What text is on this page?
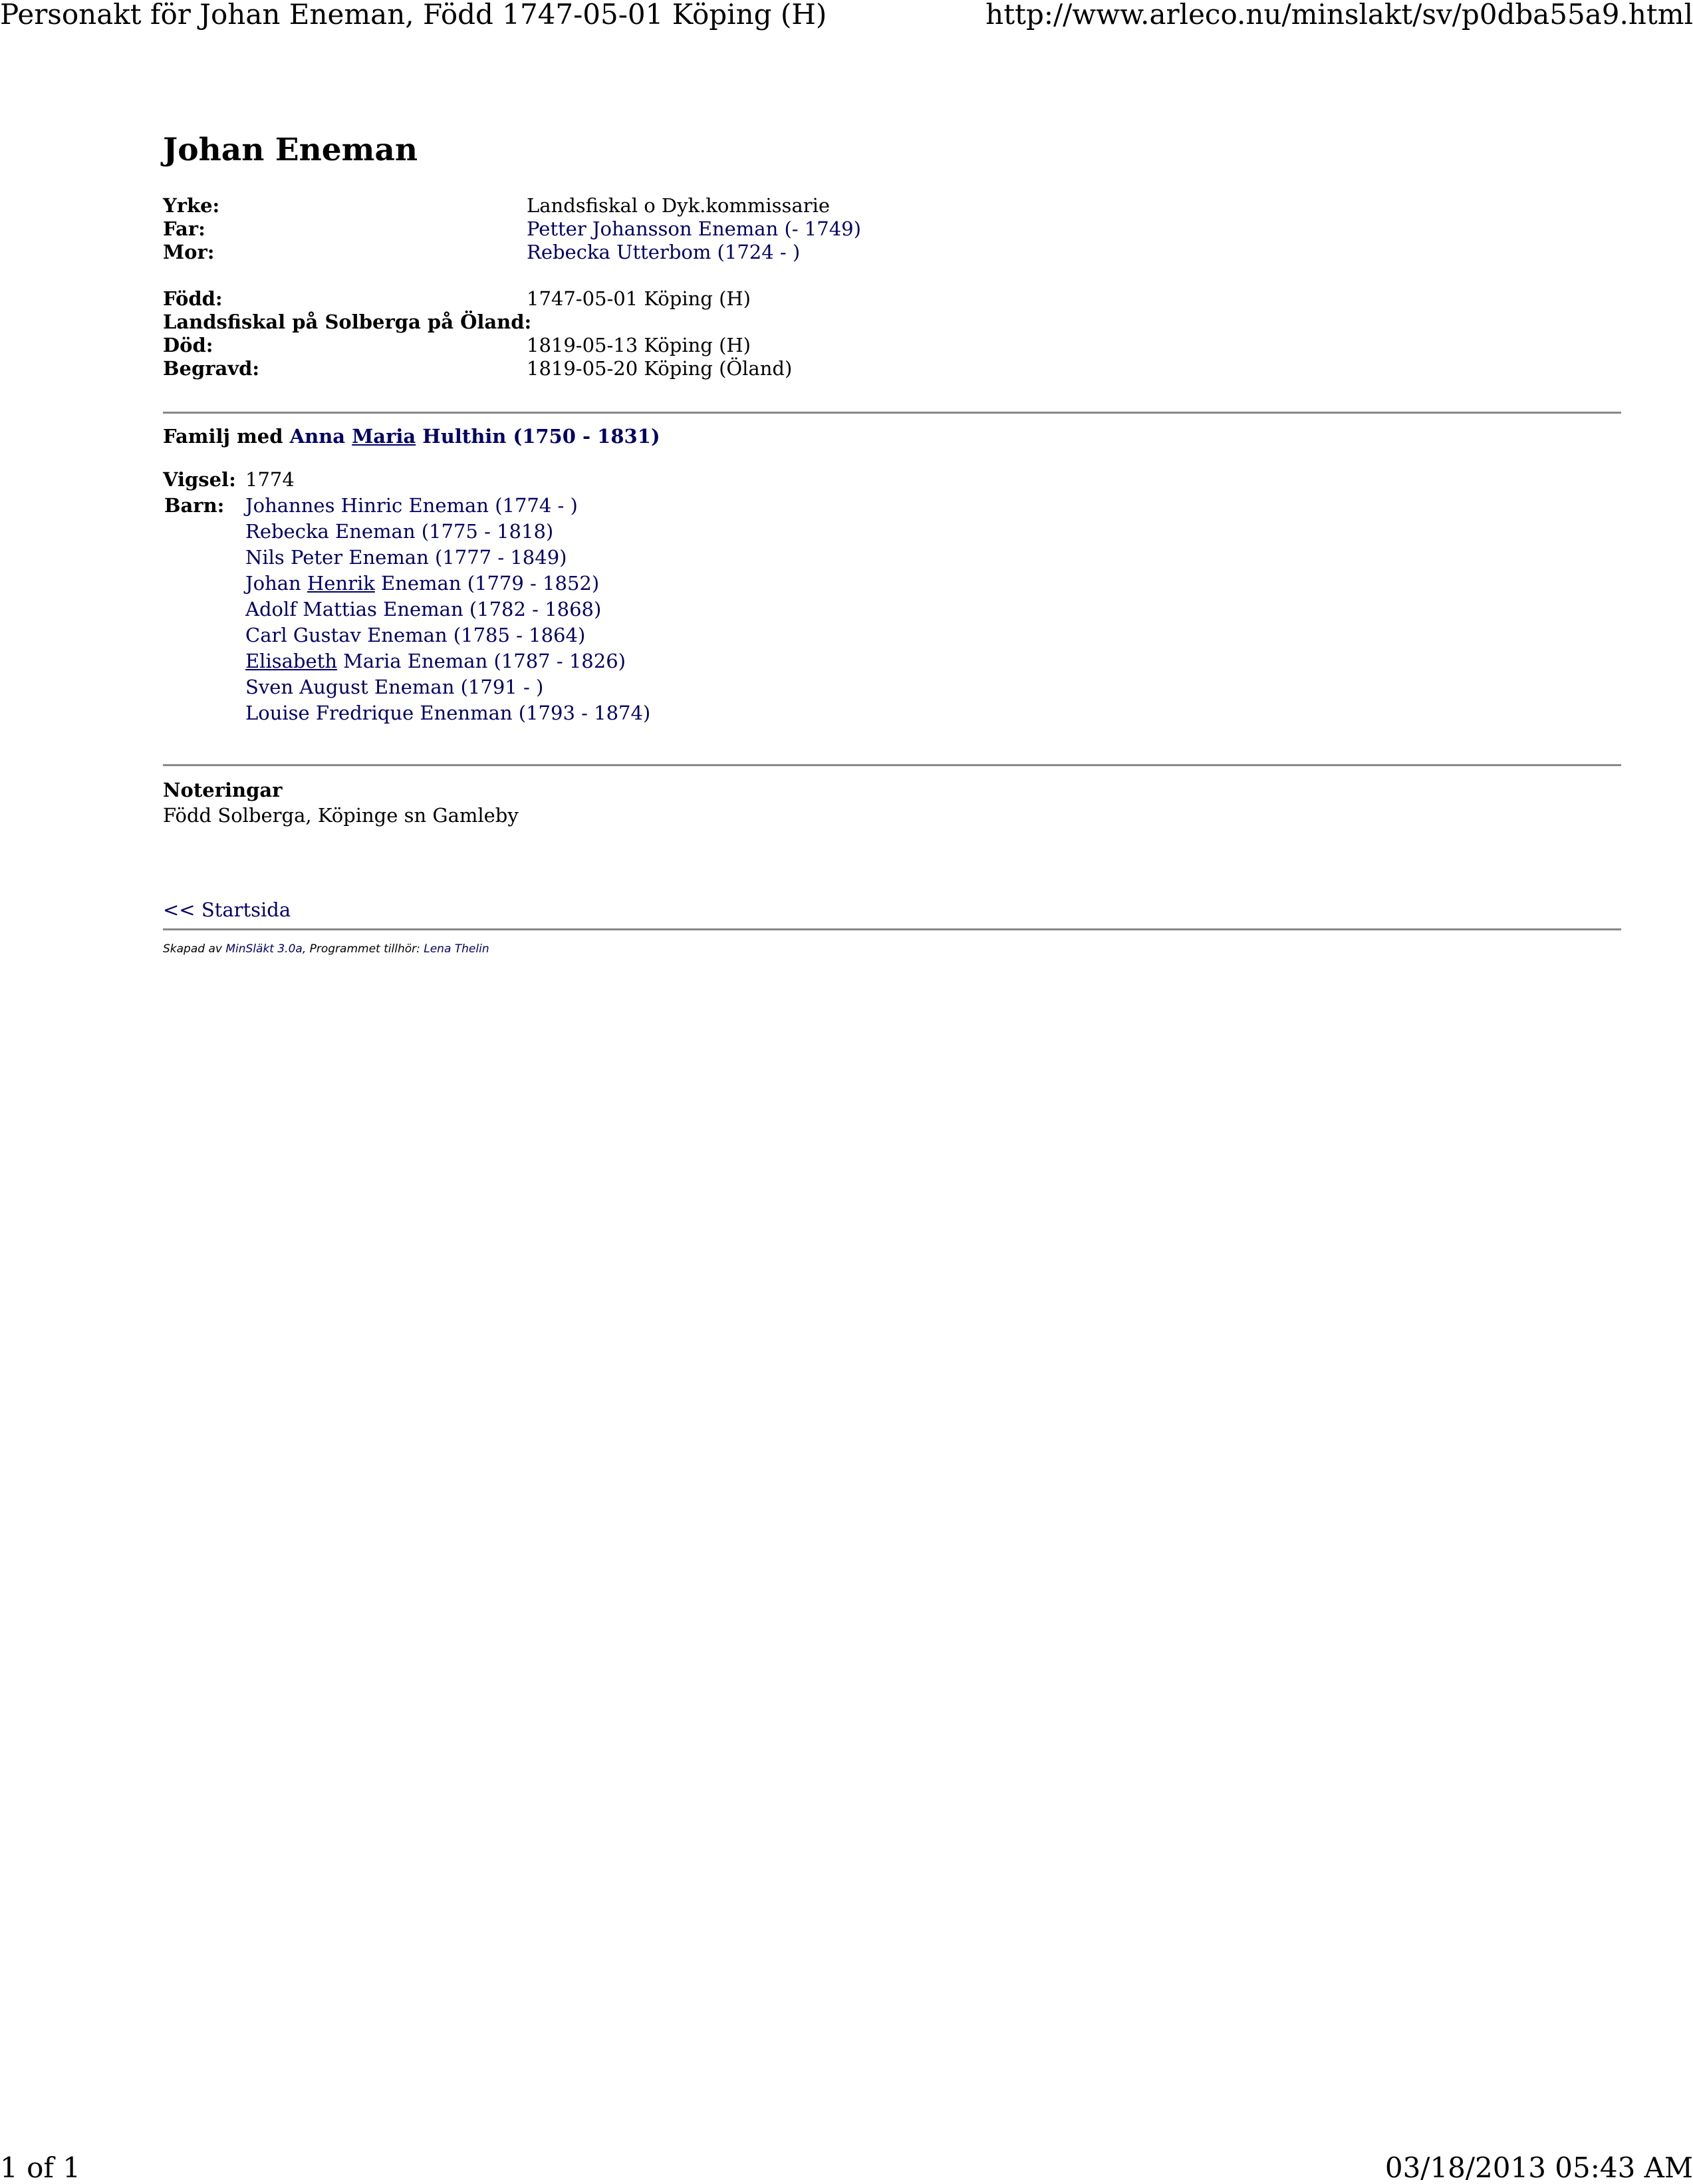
Personakt för Johan Eneman, Född 1747-05-01 Köping (H)	http://www.arleco.nu/minslakt/sv/p0dba55a9.html
Johan Eneman
Yrke:	Landsfiskal o Dyk.kommissarie
Far:	Petter Johansson Eneman (- 1749)
Mor:	Rebecka Utterbom (1724 - )
Född:	1747-05-01 Köping (H)
Landsfiskal på Solberga på Öland:
Död:	1819-05-13 Köping (H)
Begravd:	1819-05-20 Köping (Öland)
Familj med Anna Maria Hulthin (1750 - 1831)
Vigsel: 1774
Barn: Johannes Hinric Eneman (1774 - )
Rebecka Eneman (1775 - 1818)
Nils Peter Eneman (1777 - 1849)
Johan Henrik Eneman (1779 - 1852)
Adolf Mattias Eneman (1782 - 1868)
Carl Gustav Eneman (1785 - 1864)
Elisabeth Maria Eneman (1787 - 1826)
Sven August Eneman (1791 - )
Louise Fredrique Enenman (1793 - 1874)
Noteringar
Född Solberga, Köpinge sn Gamleby
<< Startsida
Skapad av MinSläkt 3.0a, Programmet tillhör: Lena Thelin
1 of 1	03/18/2013 05:43 AM
